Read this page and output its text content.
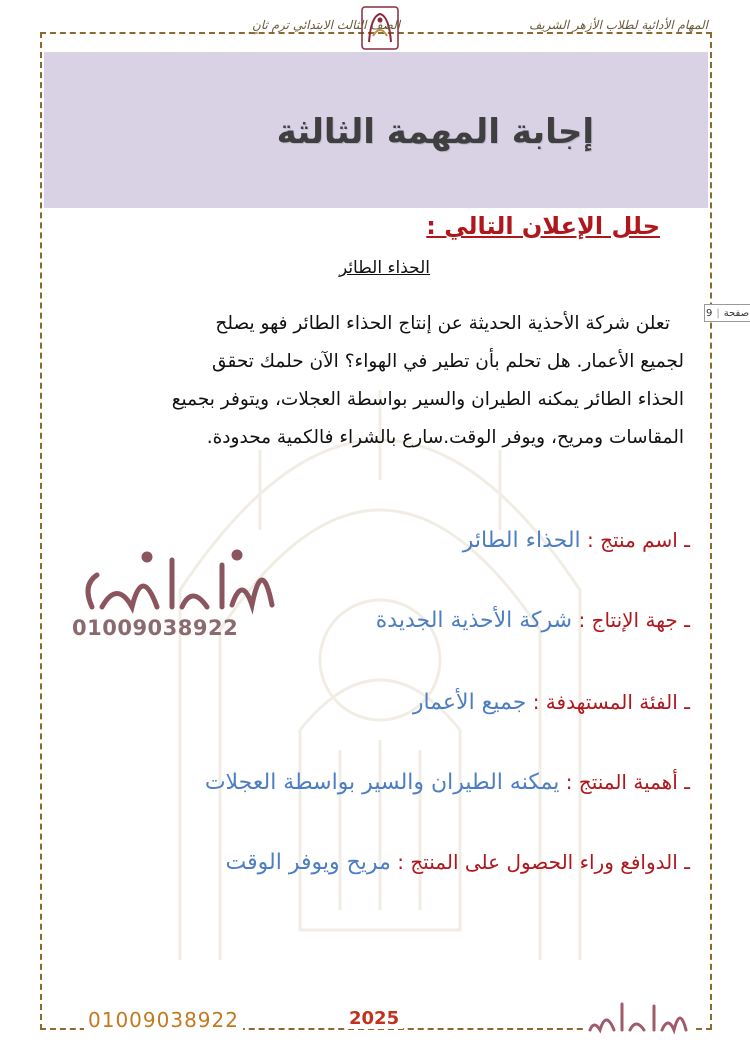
المهام الأدائية لطلاب الأزهر الشريف
الصف الثالث الابتدائي ترم ثانٍ
إجابة المهمة الثالثة
صفحة
|
9
حلل الإعلان التالي :
الحذاء الطائر
تعلن شركة الأحذية الحديثة عن إنتاج الحذاء الطائر فهو يصلح
لجميع الأعمار. هل تحلم بأن تطير في الهواء؟ الآن حلمك تحقق
الحذاء الطائر يمكنه الطيران والسير بواسطة العجلات، ويتوفر بجميع
المقاسات ومريح، ويوفر الوقت.سارع بالشراء فالكمية محدودة.
ـ اسم منتج : الحذاء الطائر
ـ جهة الإنتاج : شركة الأحذية الجديدة
ـ الفئة المستهدفة : جميع الأعمار
ـ أهمية المنتج : يمكنه الطيران والسير بواسطة العجلات
ـ الدوافع وراء الحصول على المنتج : مريح ويوفر الوقت
01009038922
01009038922	2025
